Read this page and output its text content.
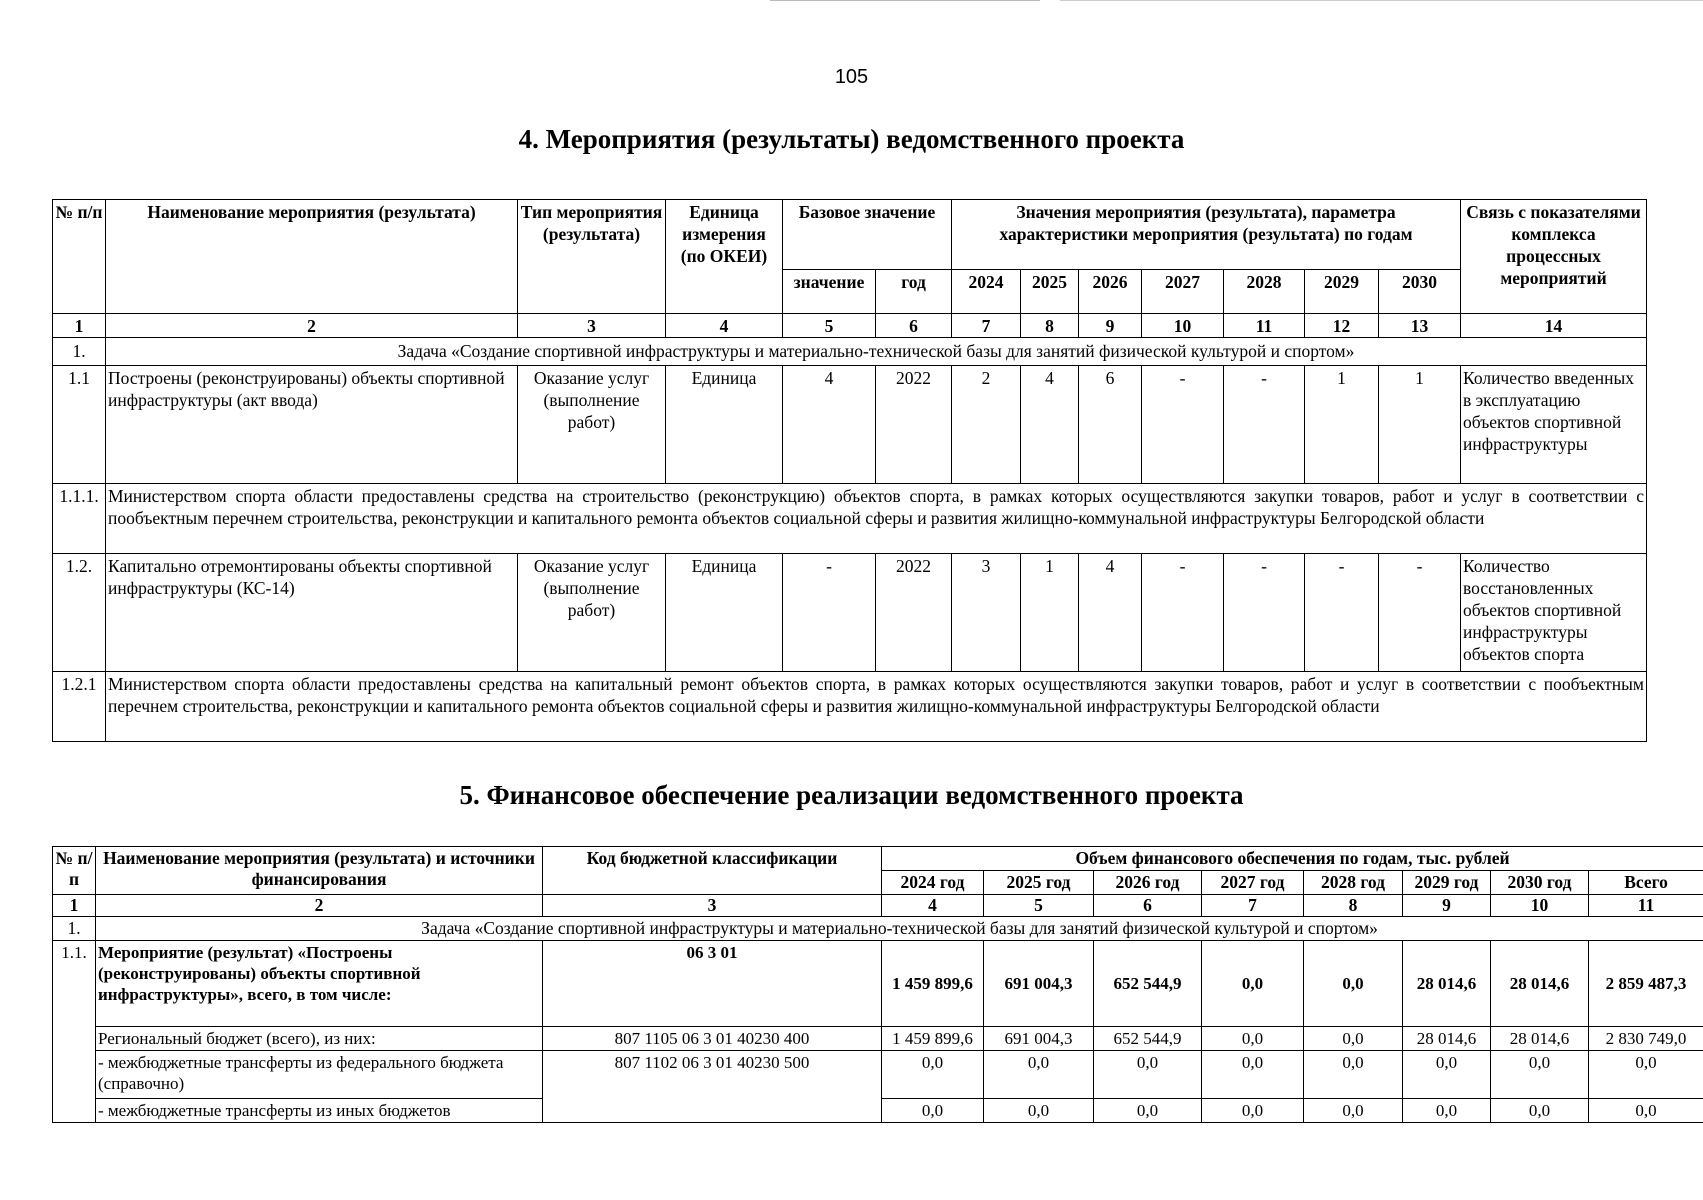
105
4. Мероприятия (результаты) ведомственного проекта
№ п/п	Наименование мероприятия (результата)	Тип мероприятия (результата)	Единица измерения (по ОКЕИ)	Базовое значение		Значения мероприятия (результата), параметра характеристики мероприятия (результата) по годам							Связь с показателями комплекса процессных мероприятий
				значение	год	2024	2025	2026	2027	2028	2029	2030	
1	2	3	4	5	6	7	8	9	10	11	12	13	14
1.	Задача «Создание спортивной инфраструктуры и материально-технической базы для занятий физической культурой и спортом»												
1.1	Построены (реконструированы) объекты спортивной инфраструктуры (акт ввода)	Оказание услуг (выполнение работ)	Единица	4	2022	2	4	6	-	-	1	1	Количество введенных в эксплуатацию объектов спортивной инфраструктуры
1.1.1.	Министерством спорта области предоставлены средства на строительство (реконструкцию) объектов спорта, в рамках которых осуществляются закупки товаров, работ и услуг в соответствии с пообъектным перечнем строительства, реконструкции и капитального ремонта объектов социальной сферы и развития жилищно-коммунальной инфраструктуры Белгородской области												
1.2.	Капитально отремонтированы объекты спортивной инфраструктуры (КС-14)	Оказание услуг (выполнение работ)	Единица	-	2022	3	1	4	-	-	-	-	Количество восстановленных объектов спортивной инфраструктуры объектов спорта
1.2.1	Министерством спорта области предоставлены средства на капитальный ремонт объектов спорта, в рамках которых осуществляются закупки товаров, работ и услуг в соответствии с пообъектным перечнем строительства, реконструкции и капитального ремонта объектов социальной сферы и развития жилищно-коммунальной инфраструктуры Белгородской области												
5. Финансовое обеспечение реализации ведомственного проекта
№ п/п	Наименование мероприятия (результата) и источники финансирования	Код бюджетной классификации	Объем финансового обеспечения по годам, тыс. рублей							
			2024 год	2025 год	2026 год	2027 год	2028 год	2029 год	2030 год	Всего
1	2	3	4	5	6	7	8	9	10	11
1.	Задача «Создание спортивной инфраструктуры и материально-технической базы для занятий физической культурой и спортом»									
1.1.	Мероприятие (результат) «Построены (реконструированы) объекты спортивной инфраструктуры», всего, в том числе:	06 3 01	1 459 899,6	691 004,3	652 544,9	0,0	0,0	28 014,6	28 014,6	2 859 487,3
	Региональный бюджет (всего), из них:	807 1105 06 3 01 40230 400	1 459 899,6	691 004,3	652 544,9	0,0	0,0	28 014,6	28 014,6	2 830 749,0
	- межбюджетные трансферты из федерального бюджета (справочно)	807 1102 06 3 01 40230 500	0,0	0,0	0,0	0,0	0,0	0,0	0,0	0,0
	- межбюджетные трансферты из иных бюджетов		0,0	0,0	0,0	0,0	0,0	0,0	0,0	0,0
